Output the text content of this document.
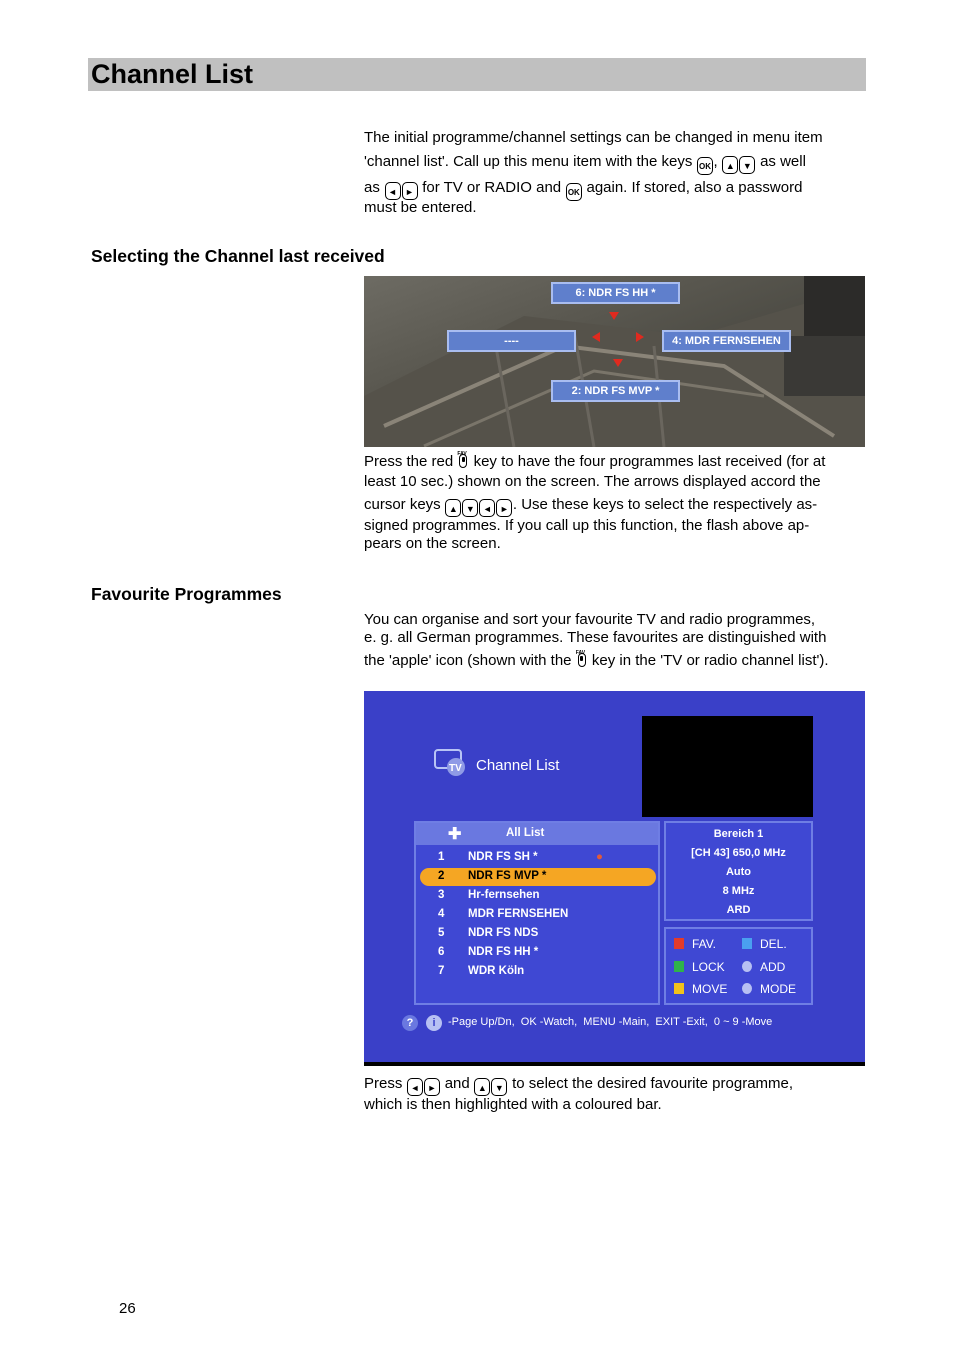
Channel List
The initial programme/channel settings can be changed in menu item
'channel list'. Call up this menu item with the keys OK , ▲ ▼ as well
as ◄ ► for TV or RADIO and OK again. If stored, also a password
must be entered.
Selecting the Channel last received
6: NDR FS HH *
----	4: MDR FERNSEHEN
2: NDR FS MVP *
Press the red FAV key to have the four programmes last received (for at
least 10 sec.) shown on the screen. The arrows displayed accord the
cursor keys ▲ ▼ ◄ ► . Use these keys to select the respectively as-
signed programmes. If you call up this function, the flash above ap-
pears on the screen.
Favourite Programmes
You can organise and sort your favourite TV and radio programmes,
e. g. all German programmes. These favourites are distinguished with
the 'apple' icon (shown with the FAV key in the 'TV or radio channel list').
TV Channel List
✚	All List
1 NDR FS SH *	●
2 NDR FS MVP *
3 Hr-fernsehen
4 MDR FERNSEHEN
5 NDR FS NDS
6 NDR FS HH *
7 WDR Köln
Bereich 1
[CH 43] 650,0 MHz
Auto
8 MHz
ARD
FAV.	DEL.
LOCK	ADD
MOVE	MODE
?	i	-Page Up/Dn,  OK -Watch,  MENU -Main,  EXIT -Exit,  0 ~ 9 -Move
Press ◄ ► and ▲ ▼ to select the desired favourite programme,
which is then highlighted with a coloured bar.
26
